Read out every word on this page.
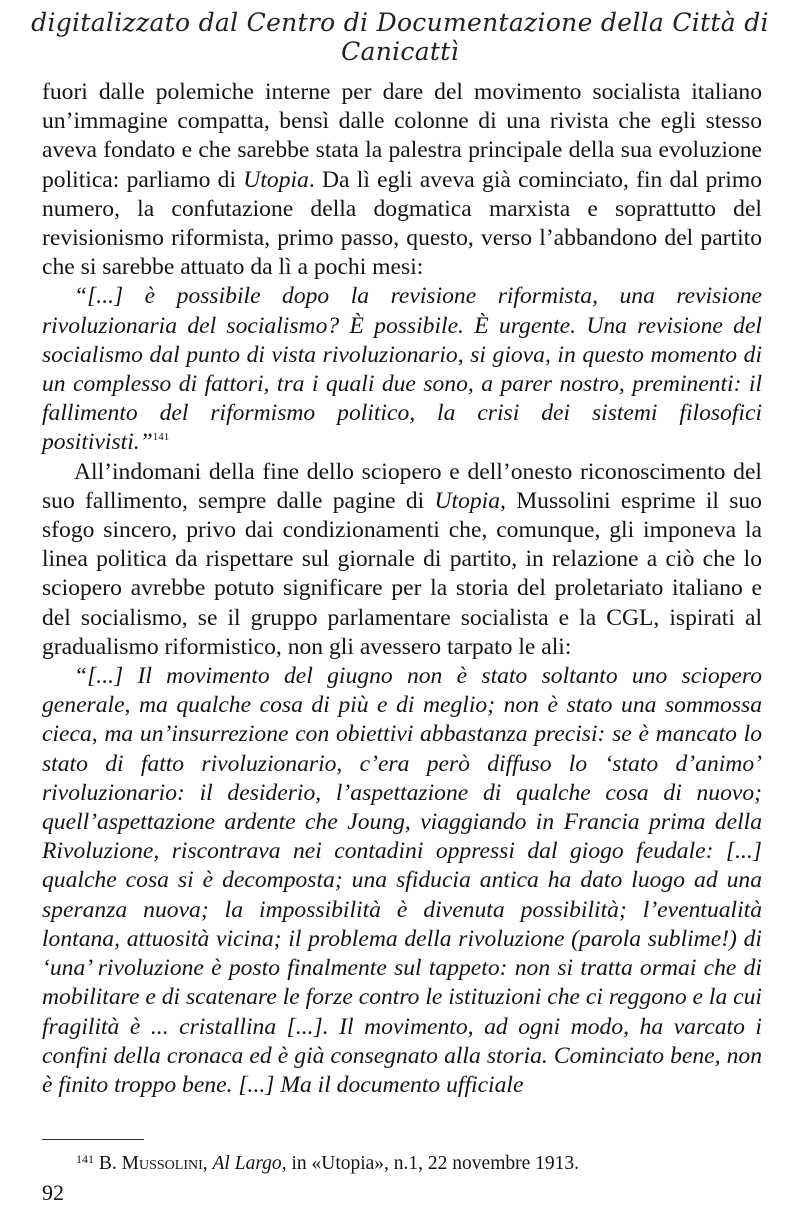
digitalizzato dal Centro di Documentazione della Città di Canicattì

fuori dalle polemiche interne per dare del movimento socialista italiano un’immagine compatta, bensì dalle colonne di una rivista che egli stesso aveva fondato e che sarebbe stata la palestra principale della sua evoluzione politica: parliamo di Utopia. Da lì egli aveva già cominciato, fin dal primo numero, la confutazione della dogmatica marxista e soprattutto del revisionismo riformista, primo passo, questo, verso l’abbandono del partito che si sarebbe attuato da lì a pochi mesi:

“[...] è possibile dopo la revisione riformista, una revisione rivoluzionaria del socialismo? È possibile. È urgente. Una revisione del socialismo dal punto di vista rivoluzionario, si giova, in questo momento di un complesso di fattori, tra i quali due sono, a parer nostro, preminenti: il fallimento del riformismo politico, la crisi dei sistemi filosofici positivisti.”$^{141}$

All’indomani della fine dello sciopero e dell’onesto riconoscimento del suo fallimento, sempre dalle pagine di Utopia, Mussolini esprime il suo sfogo sincero, privo dai condizionamenti che, comunque, gli imponeva la linea politica da rispettare sul giornale di partito, in relazione a ciò che lo sciopero avrebbe potuto significare per la storia del proletariato italiano e del socialismo, se il gruppo parlamentare socialista e la CGL, ispirati al gradualismo riformistico, non gli avessero tarpato le ali:

“[...] Il movimento del giugno non è stato soltanto uno sciopero generale, ma qualche cosa di più e di meglio; non è stato una sommossa cieca, ma un’insurrezione con obiettivi abbastanza precisi: se è mancato lo stato di fatto rivoluzionario, c’era però diffuso lo ‘stato d’animo’ rivoluzionario: il desiderio, l’aspettazione di qualche cosa di nuovo; quell’aspettazione ardente che Joung, viaggiando in Francia prima della Rivoluzione, riscontrava nei contadini oppressi dal giogo feudale: [...] qualche cosa si è decomposta; una sfiducia antica ha dato luogo ad una speranza nuova; la impossibilità è divenuta possibilità; l’eventualità lontana, attuosità vicina; il problema della rivoluzione (parola sublime!) di ‘una’ rivoluzione è posto finalmente sul tappeto: non si tratta ormai che di mobilitare e di scatenare le forze contro le istituzioni che ci reggono e la cui fragilità è ... cristallina [...]. Il movimento, ad ogni modo, ha varcato i confini della cronaca ed è già consegnato alla storia. Cominciato bene, non è finito troppo bene. [...] Ma il documento ufficiale

$^{141}$ B. Mussolini, Al Largo, in «Utopia», n.1, 22 novembre 1913.
92
